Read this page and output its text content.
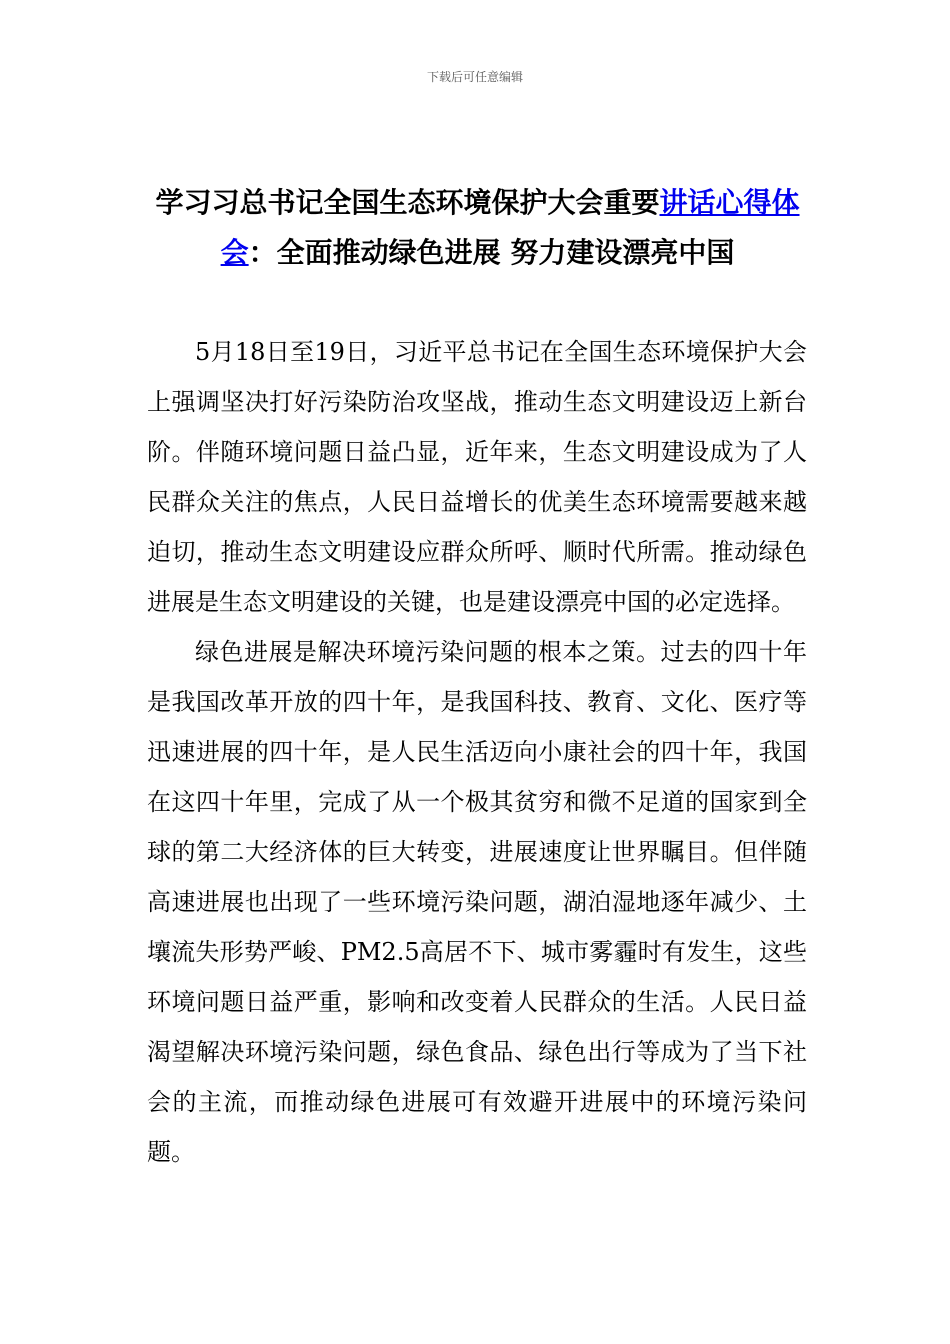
下载后可任意编辑
学习习总书记全国生态环境保护大会重要讲话心得体会：全面推动绿色进展 努力建设漂亮中国

5月18日至19日，习近平总书记在全国生态环境保护大会上强调坚决打好污染防治攻坚战，推动生态文明建设迈上新台阶。伴随环境问题日益凸显，近年来，生态文明建设成为了人民群众关注的焦点，人民日益增长的优美生态环境需要越来越迫切，推动生态文明建设应群众所呼、顺时代所需。推动绿色进展是生态文明建设的关键，也是建设漂亮中国的必定选择。

绿色进展是解决环境污染问题的根本之策。过去的四十年是我国改革开放的四十年，是我国科技、教育、文化、医疗等迅速进展的四十年，是人民生活迈向小康社会的四十年，我国在这四十年里，完成了从一个极其贫穷和微不足道的国家到全球的第二大经济体的巨大转变，进展速度让世界瞩目。但伴随高速进展也出现了一些环境污染问题，湖泊湿地逐年减少、土壤流失形势严峻、PM2.5高居不下、城市雾霾时有发生，这些环境问题日益严重，影响和改变着人民群众的生活。人民日益渴望解决环境污染问题，绿色食品、绿色出行等成为了当下社会的主流，而推动绿色进展可有效避开进展中的环境污染问题。
